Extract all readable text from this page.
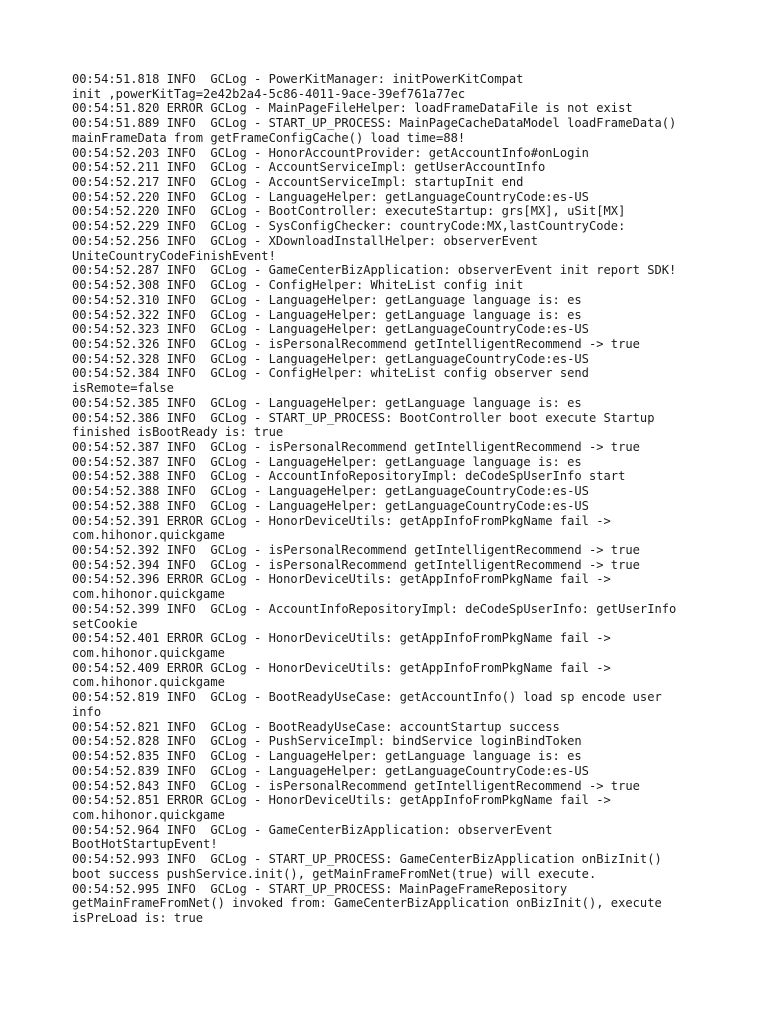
00:54:51.818 INFO  GCLog - PowerKitManager: initPowerKitCompat
init ,powerKitTag=2e42b2a4-5c86-4011-9ace-39ef761a77ec
00:54:51.820 ERROR GCLog - MainPageFileHelper: loadFrameDataFile is not exist
00:54:51.889 INFO  GCLog - START_UP_PROCESS: MainPageCacheDataModel loadFrameData()
mainFrameData from getFrameConfigCache() load time=88!
00:54:52.203 INFO  GCLog - HonorAccountProvider: getAccountInfo#onLogin
00:54:52.211 INFO  GCLog - AccountServiceImpl: getUserAccountInfo
00:54:52.217 INFO  GCLog - AccountServiceImpl: startupInit end
00:54:52.220 INFO  GCLog - LanguageHelper: getLanguageCountryCode:es-US
00:54:52.220 INFO  GCLog - BootController: executeStartup: grs[MX], uSit[MX]
00:54:52.229 INFO  GCLog - SysConfigChecker: countryCode:MX,lastCountryCode:
00:54:52.256 INFO  GCLog - XDownloadInstallHelper: observerEvent
UniteCountryCodeFinishEvent!
00:54:52.287 INFO  GCLog - GameCenterBizApplication: observerEvent init report SDK!
00:54:52.308 INFO  GCLog - ConfigHelper: WhiteList config init
00:54:52.310 INFO  GCLog - LanguageHelper: getLanguage language is: es
00:54:52.322 INFO  GCLog - LanguageHelper: getLanguage language is: es
00:54:52.323 INFO  GCLog - LanguageHelper: getLanguageCountryCode:es-US
00:54:52.326 INFO  GCLog - isPersonalRecommend getIntelligentRecommend -> true
00:54:52.328 INFO  GCLog - LanguageHelper: getLanguageCountryCode:es-US
00:54:52.384 INFO  GCLog - ConfigHelper: whiteList config observer send
isRemote=false
00:54:52.385 INFO  GCLog - LanguageHelper: getLanguage language is: es
00:54:52.386 INFO  GCLog - START_UP_PROCESS: BootController boot execute Startup
finished isBootReady is: true
00:54:52.387 INFO  GCLog - isPersonalRecommend getIntelligentRecommend -> true
00:54:52.387 INFO  GCLog - LanguageHelper: getLanguage language is: es
00:54:52.388 INFO  GCLog - AccountInfoRepositoryImpl: deCodeSpUserInfo start
00:54:52.388 INFO  GCLog - LanguageHelper: getLanguageCountryCode:es-US
00:54:52.388 INFO  GCLog - LanguageHelper: getLanguageCountryCode:es-US
00:54:52.391 ERROR GCLog - HonorDeviceUtils: getAppInfoFromPkgName fail ->
com.hihonor.quickgame
00:54:52.392 INFO  GCLog - isPersonalRecommend getIntelligentRecommend -> true
00:54:52.394 INFO  GCLog - isPersonalRecommend getIntelligentRecommend -> true
00:54:52.396 ERROR GCLog - HonorDeviceUtils: getAppInfoFromPkgName fail ->
com.hihonor.quickgame
00:54:52.399 INFO  GCLog - AccountInfoRepositoryImpl: deCodeSpUserInfo: getUserInfo
setCookie
00:54:52.401 ERROR GCLog - HonorDeviceUtils: getAppInfoFromPkgName fail ->
com.hihonor.quickgame
00:54:52.409 ERROR GCLog - HonorDeviceUtils: getAppInfoFromPkgName fail ->
com.hihonor.quickgame
00:54:52.819 INFO  GCLog - BootReadyUseCase: getAccountInfo() load sp encode user
info
00:54:52.821 INFO  GCLog - BootReadyUseCase: accountStartup success
00:54:52.828 INFO  GCLog - PushServiceImpl: bindService loginBindToken
00:54:52.835 INFO  GCLog - LanguageHelper: getLanguage language is: es
00:54:52.839 INFO  GCLog - LanguageHelper: getLanguageCountryCode:es-US
00:54:52.843 INFO  GCLog - isPersonalRecommend getIntelligentRecommend -> true
00:54:52.851 ERROR GCLog - HonorDeviceUtils: getAppInfoFromPkgName fail ->
com.hihonor.quickgame
00:54:52.964 INFO  GCLog - GameCenterBizApplication: observerEvent
BootHotStartupEvent!
00:54:52.993 INFO  GCLog - START_UP_PROCESS: GameCenterBizApplication onBizInit()
boot success pushService.init(), getMainFrameFromNet(true) will execute.
00:54:52.995 INFO  GCLog - START_UP_PROCESS: MainPageFrameRepository
getMainFrameFromNet() invoked from: GameCenterBizApplication onBizInit(), execute
isPreLoad is: true
